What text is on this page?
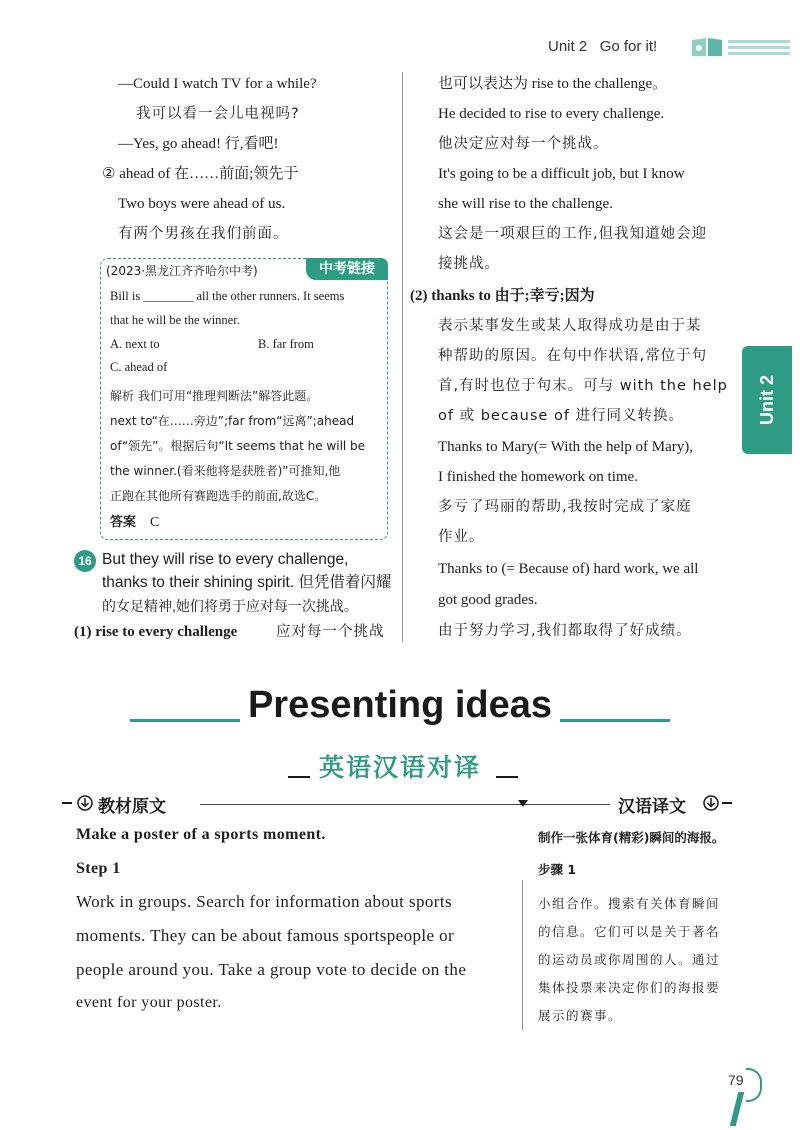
Unit 2 Go for it!
Unit 2
—Could I watch TV for a while?
我可以看一会儿电视吗?
—Yes, go ahead! 行,看吧!
② ahead of 在……前面;领先于
Two boys were ahead of us.
有两个男孩在我们前面。
中考链接
(2023·黑龙江齐齐哈尔中考)
Bill is ________ all the other runners. It seems
that he will be the winner.
A. next to	B. far from
C. ahead of
解析 我们可用“推理判断法”解答此题。
next to“在……旁边”;far from“远离”;ahead
of“领先”。根据后句“It seems that he will be
the winner.(看来他将是获胜者)”可推知,他
正跑在其他所有赛跑选手的前面,故选C。
答案 C
16 But they will rise to every challenge,
thanks to their shining spirit. 但凭借着闪耀
的女足精神,她们将勇于应对每一次挑战。
(1) rise to every challenge	应对每一个挑战
也可以表达为 rise to the challenge。
He decided to rise to every challenge.
他决定应对每一个挑战。
It's going to be a difficult job, but I know
she will rise to the challenge.
这会是一项艰巨的工作,但我知道她会迎
接挑战。
(2) thanks to 由于;幸亏;因为
表示某事发生或某人取得成功是由于某
种帮助的原因。在句中作状语,常位于句
首,有时也位于句末。可与 with the help
of 或 because of 进行同义转换。
Thanks to Mary(= With the help of Mary),
I finished the homework on time.
多亏了玛丽的帮助,我按时完成了家庭
作业。
Thanks to (= Because of) hard work, we all
got good grades.
由于努力学习,我们都取得了好成绩。
Presenting ideas
英语汉语对译
教材原文	汉语译文
Make a poster of a sports moment.
Step 1
Work in groups. Search for information about sports
moments. They can be about famous sportspeople or
people around you. Take a group vote to decide on the
event for your poster.
制作一张体育(精彩)瞬间的海报。
步骤 1
小组合作。搜索有关体育瞬间
的信息。它们可以是关于著名
的运动员或你周围的人。通过
集体投票来决定你们的海报要
展示的赛事。
79
